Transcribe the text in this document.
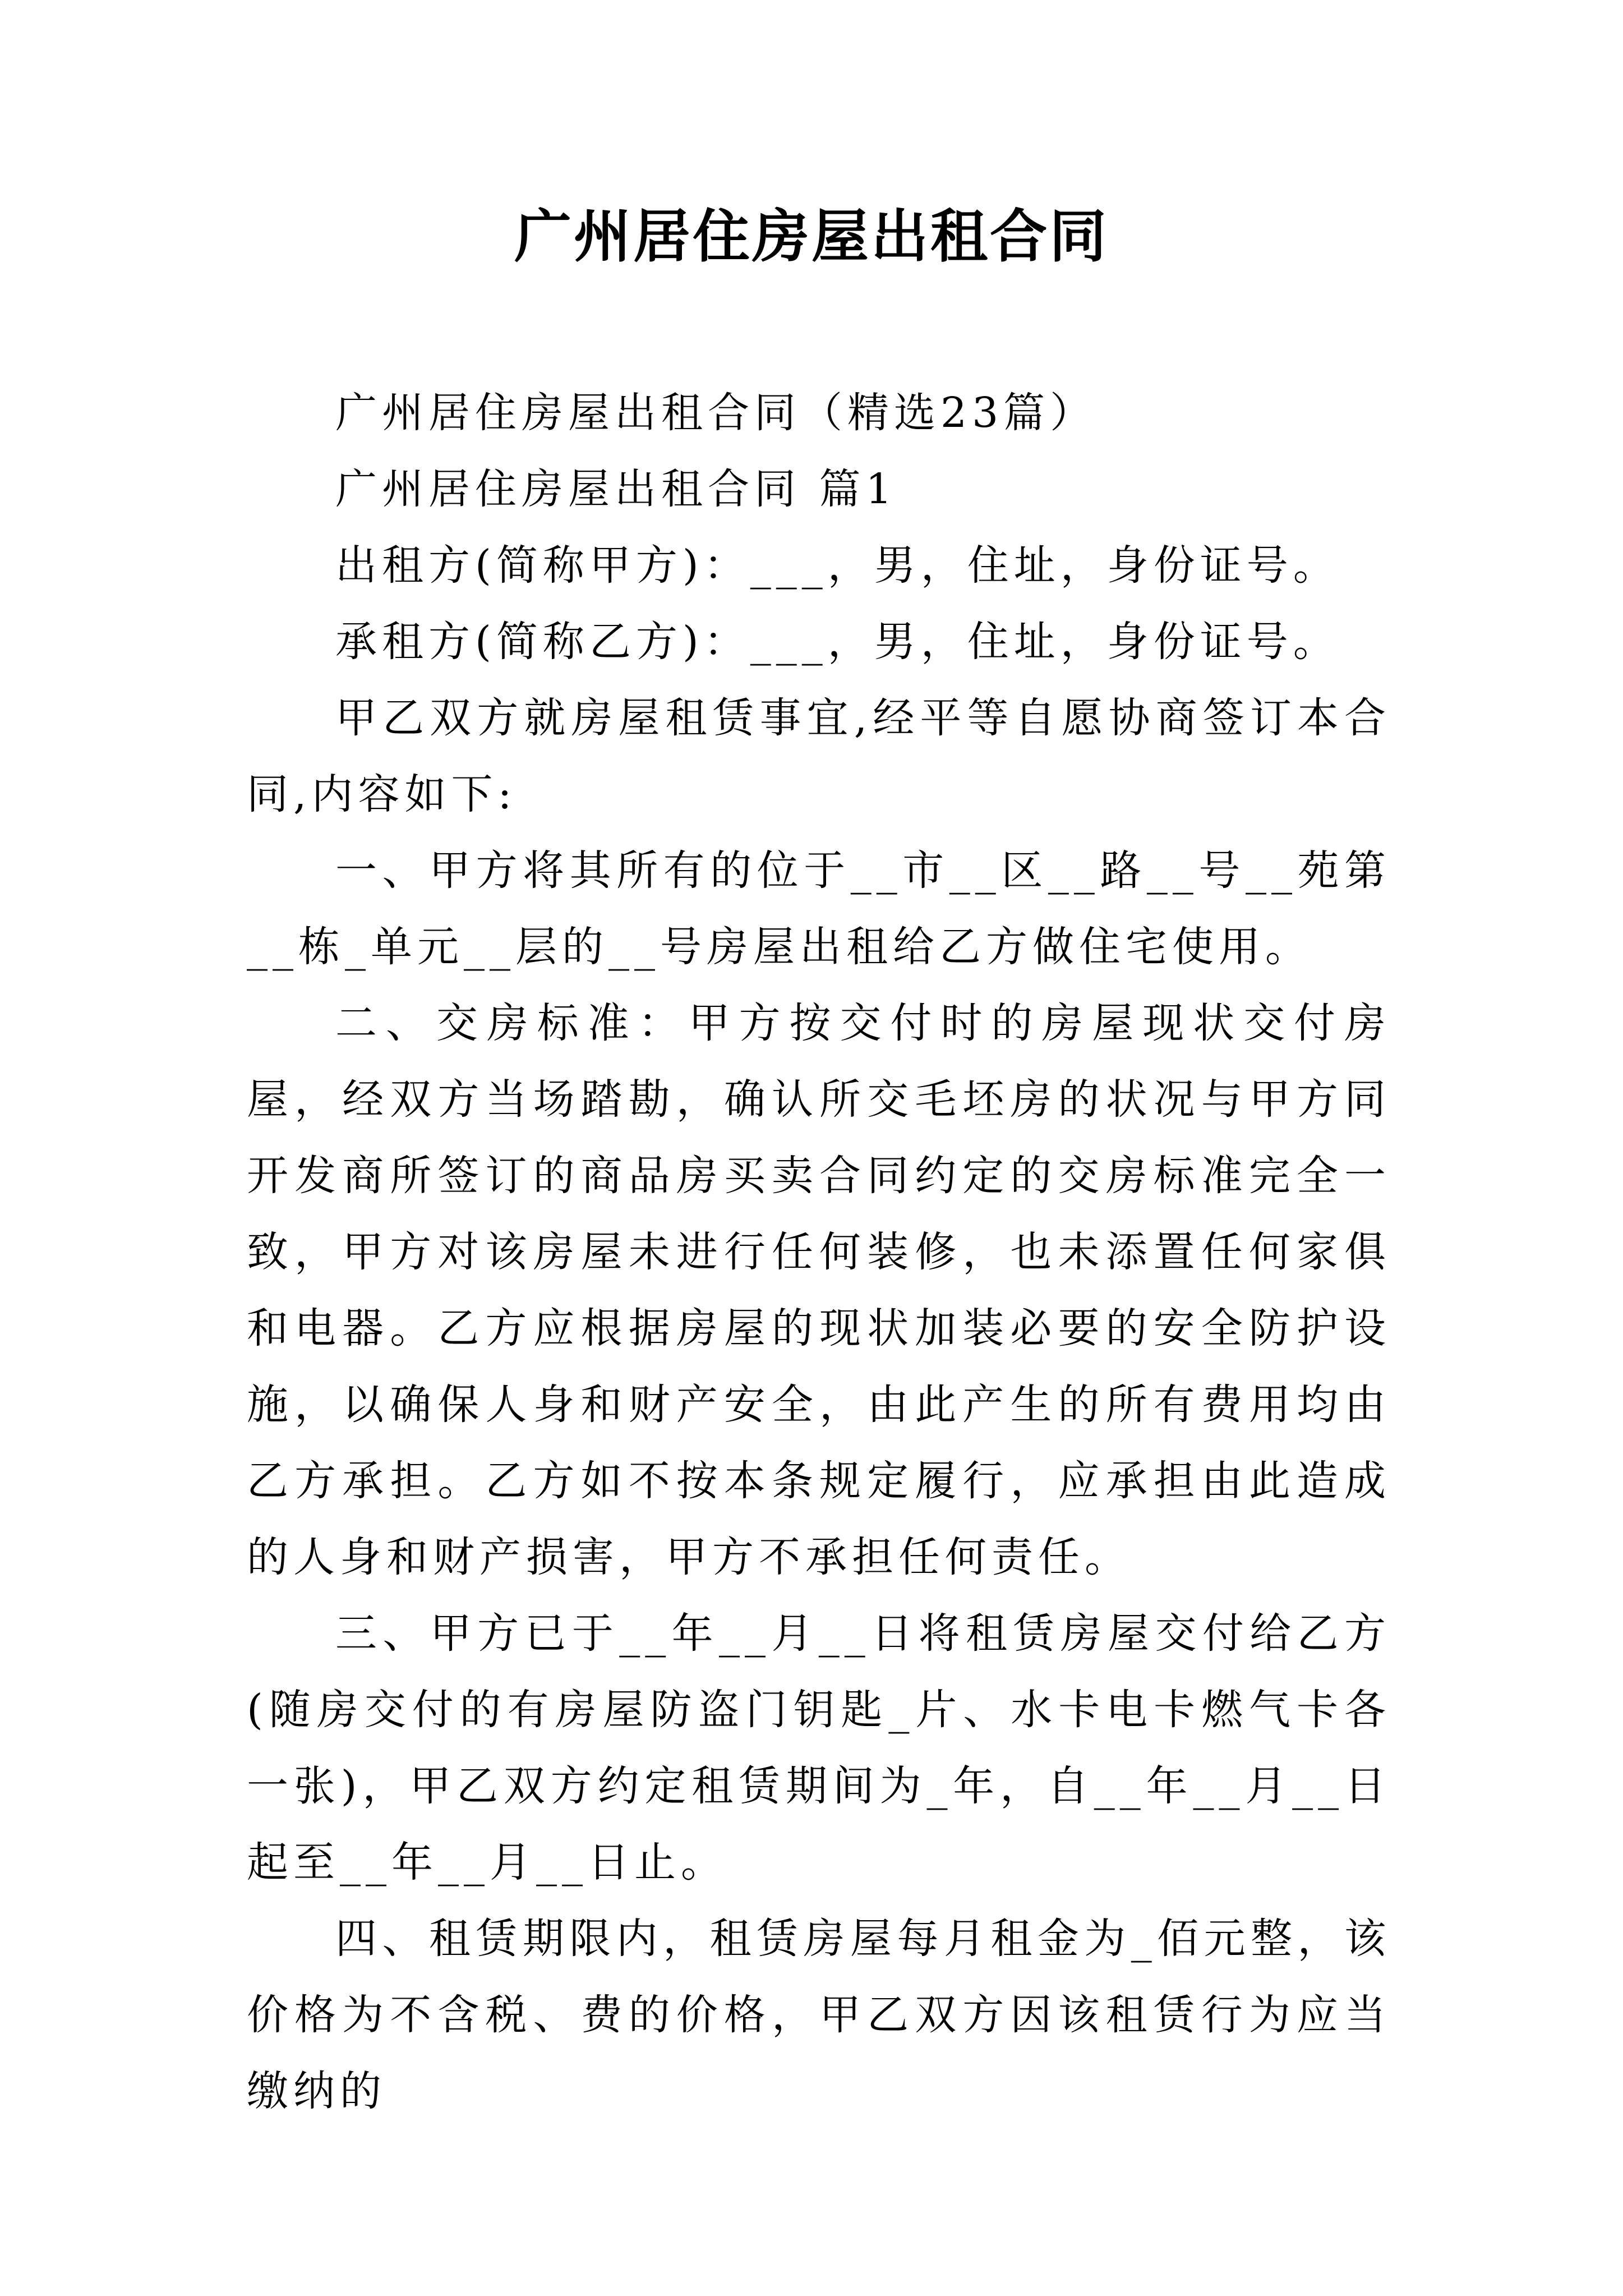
广州居住房屋出租合同

广州居住房屋出租合同（精选23篇）

广州居住房屋出租合同 篇1

出租方(简称甲方)：___，男，住址，身份证号。

承租方(简称乙方)：___，男，住址，身份证号。

甲乙双方就房屋租赁事宜,经平等自愿协商签订本合同,内容如下:

一、甲方将其所有的位于__市__区__路__号__苑第__栋_单元__层的__号房屋出租给乙方做住宅使用。

二、交房标准：甲方按交付时的房屋现状交付房屋，经双方当场踏勘，确认所交毛坯房的状况与甲方同开发商所签订的商品房买卖合同约定的交房标准完全一致，甲方对该房屋未进行任何装修，也未添置任何家俱和电器。乙方应根据房屋的现状加装必要的安全防护设施，以确保人身和财产安全，由此产生的所有费用均由乙方承担。乙方如不按本条规定履行，应承担由此造成的人身和财产损害，甲方不承担任何责任。

三、甲方已于__年__月__日将租赁房屋交付给乙方(随房交付的有房屋防盗门钥匙_片、水卡电卡燃气卡各一张)，甲乙双方约定租赁期间为_年，自__年__月__日起至__年__月__日止。

四、租赁期限内，租赁房屋每月租金为_佰元整，该价格为不含税、费的价格，甲乙双方因该租赁行为应当缴纳的
